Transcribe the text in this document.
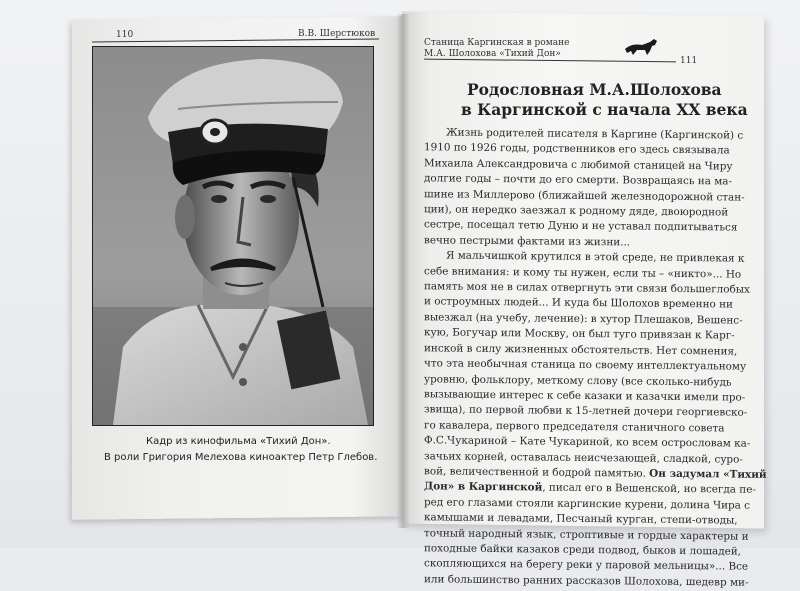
110	В.В. Шерстюков
Кадр из кинофильма «Тихий Дон».
В роли Григория Мелехова киноактер Петр Глебов.
Станица Каргинская в романе
М.А. Шолохова «Тихий Дон»
111
Родословная М.А.Шолохова
в Каргинской с начала XX века
Жизнь родителей писателя в Каргине (Каргинской) с
1910 по 1926 годы, родственников его здесь связывала
Михаила Александровича с любимой станицей на Чиру
долгие годы – почти до его смерти. Возвращаясь на ма-
шине из Миллерово (ближайшей железнодорожной стан-
ции), он нередко заезжал к родному дяде, двоюродной
сестре, посещал тетю Дуню и не уставал подпитываться
вечно пестрыми фактами из жизни...
Я мальчишкой крутился в этой среде, не привлекая к
себе внимания: и кому ты нужен, если ты – «никто»... Но
память моя не в силах отвергнуть эти связи большеглобых
и остроумных людей... И куда бы Шолохов временно ни
выезжал (на учебу, лечение): в хутор Плешаков, Вешенс-
кую, Богучар или Москву, он был туго привязан к Карг-
инской в силу жизненных обстоятельств. Нет сомнения,
что эта необычная станица по своему интеллектуальному
уровню, фольклору, меткому слову (все сколько-нибудь
вызывающие интерес к себе казаки и казачки имели про-
звища), по первой любви к 15-летней дочери георгиевско-
го кавалера, первого председателя станичного совета
Ф.С.Чукариной – Кате Чукариной, ко всем острословам ка-
зачьих корней, оставалась неисчезающей, сладкой, суро-
вой, величественной и бодрой памятью. Он задумал «Тихий
Дон» в Каргинской, писал его в Вешенской, но всегда пе-
ред его глазами стояли каргинские курени, долина Чира с
камышами и левадами, Песчаный курган, степи-отводы,
точный народный язык, строптивые и гордые характеры и
походные байки казаков среди подвод, быков и лошадей,
скопляющихся на берегу реки у паровой мельницы»... Все
или большинство ранних рассказов Шолохова, шедевр ми-
